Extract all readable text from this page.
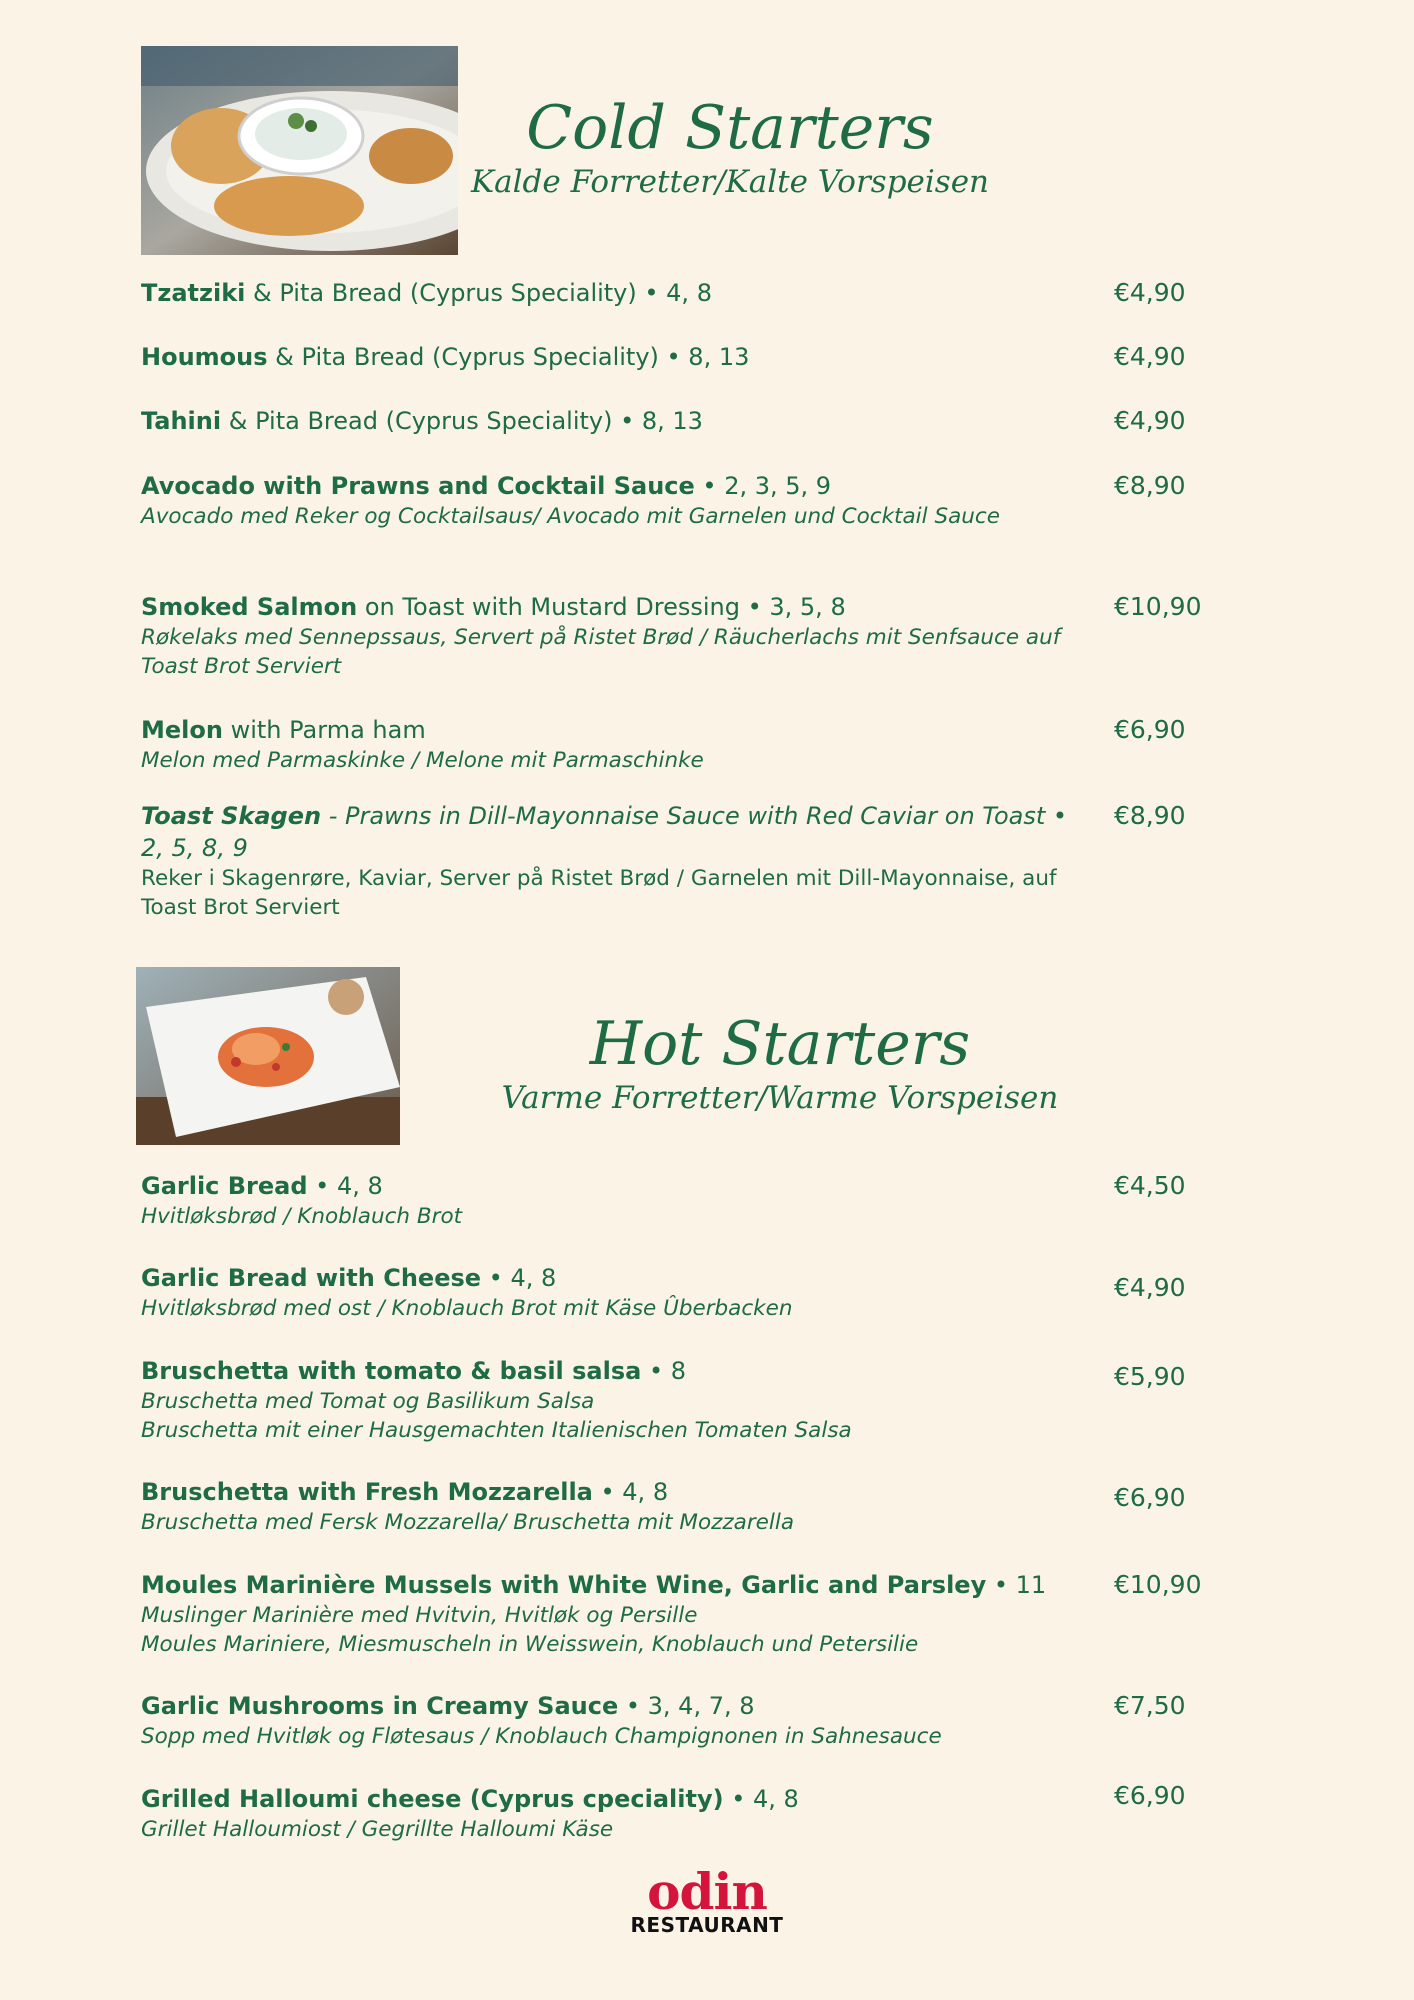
Cold Starters
Kalde Forretter/Kalte Vorspeisen
Tzatziki & Pita Bread (Cyprus Speciality) • 4, 8	€4,90
Houmous & Pita Bread (Cyprus Speciality) • 8, 13	€4,90
Tahini & Pita Bread (Cyprus Speciality) • 8, 13	€4,90
Avocado with Prawns and Cocktail Sauce • 2, 3, 5, 9
Avocado med Reker og Cocktailsaus/ Avocado mit Garnelen und Cocktail Sauce
€8,90
Smoked Salmon on Toast with Mustard Dressing • 3, 5, 8
Røkelaks med Sennepssaus, Servert på Ristet Brød / Räucherlachs mit Senfsauce auf Toast Brot Serviert
€10,90
Melon with Parma ham
Melon med Parmaskinke / Melone mit Parmaschinke
€6,90
Toast Skagen - Prawns in Dill-Mayonnaise Sauce with Red Caviar on Toast • 2, 5, 8, 9
Reker i Skagenrøre, Kaviar, Server på Ristet Brød / Garnelen mit Dill-Mayonnaise, auf Toast Brot Serviert
€8,90
Hot Starters
Varme Forretter/Warme Vorspeisen
Garlic Bread • 4, 8
Hvitløksbrød / Knoblauch Brot
€4,50
Garlic Bread with Cheese • 4, 8
Hvitløksbrød med ost / Knoblauch Brot mit Käse Ûberbacken
€4,90
Bruschetta with tomato & basil salsa • 8
Bruschetta med Tomat og Basilikum Salsa
Bruschetta mit einer Hausgemachten Italienischen Tomaten Salsa
€5,90
Bruschetta with Fresh Mozzarella • 4, 8
Bruschetta med Fersk Mozzarella/ Bruschetta mit Mozzarella
€6,90
Moules Marinière Mussels with White Wine, Garlic and Parsley • 11
Muslinger Marinière med Hvitvin, Hvitløk og Persille
Moules Mariniere, Miesmuscheln in Weisswein, Knoblauch und Petersilie
€10,90
Garlic Mushrooms in Creamy Sauce • 3, 4, 7, 8
Sopp med Hvitløk og Fløtesaus / Knoblauch Champignonen in Sahnesauce
€7,50
Grilled Halloumi cheese (Cyprus cpeciality) • 4, 8
Grillet Halloumiost / Gegrillte Halloumi Käse
€6,90
odin
RESTAURANT
